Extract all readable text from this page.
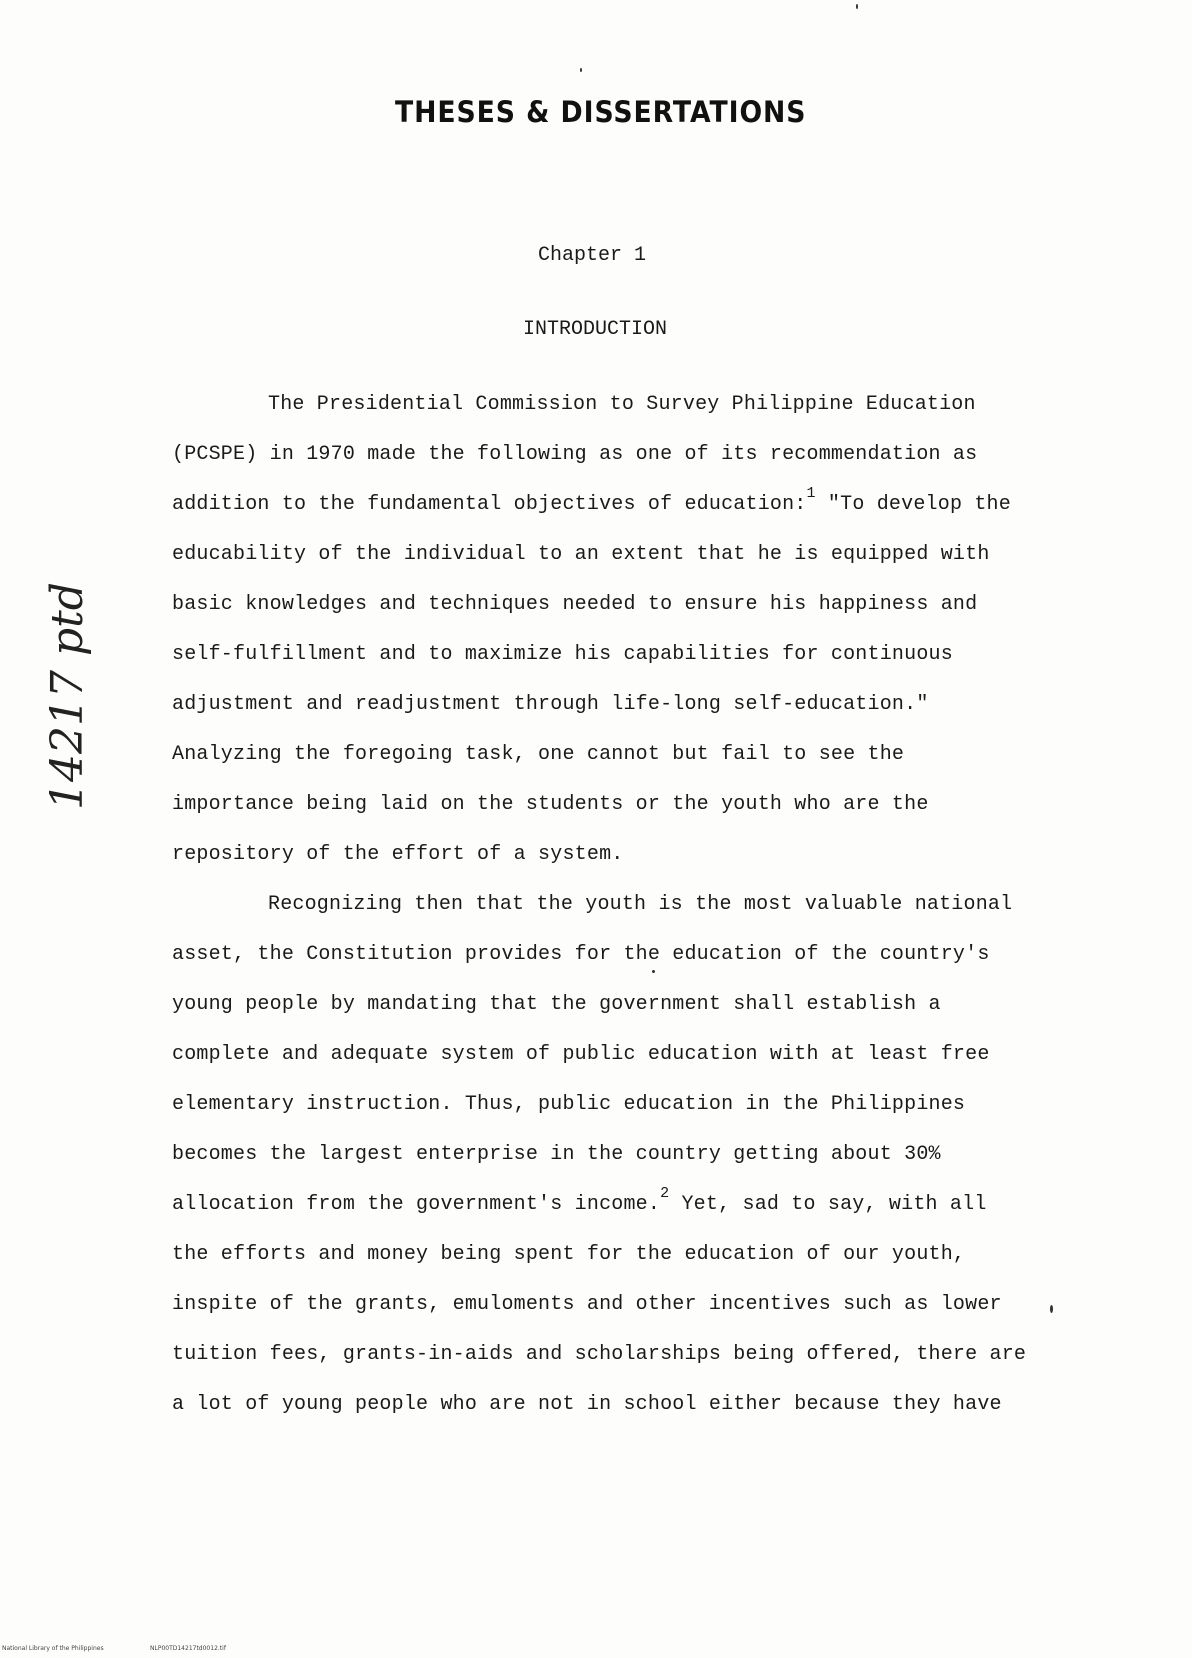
THESES & DISSERTATIONS
Chapter 1
INTRODUCTION
The Presidential Commission to Survey Philippine Education
(PCSPE) in 1970 made the following as one of its recommendation as
addition to the fundamental objectives of education:$^1$ "To develop the
educability of the individual to an extent that he is equipped with
basic knowledges and techniques needed to ensure his happiness and
self-fulfillment and to maximize his capabilities for continuous
adjustment and readjustment through life-long self-education."
Analyzing the foregoing task, one cannot but fail to see the
importance being laid on the students or the youth who are the
repository of the effort of a system.
Recognizing then that the youth is the most valuable national
asset, the Constitution provides for the education of the country's
young people by mandating that the government shall establish a
complete and adequate system of public education with at least free
elementary instruction. Thus, public education in the Philippines
becomes the largest enterprise in the country getting about 30%
allocation from the government's income.$^2$ Yet, sad to say, with all
the efforts and money being spent for the education of our youth,
inspite of the grants, emuloments and other incentives such as lower
tuition fees, grants-in-aids and scholarships being offered, there are
a lot of young people who are not in school either because they have
14217 ptd
National Library of the Philippines	NLP00TD14217td0012.tif
